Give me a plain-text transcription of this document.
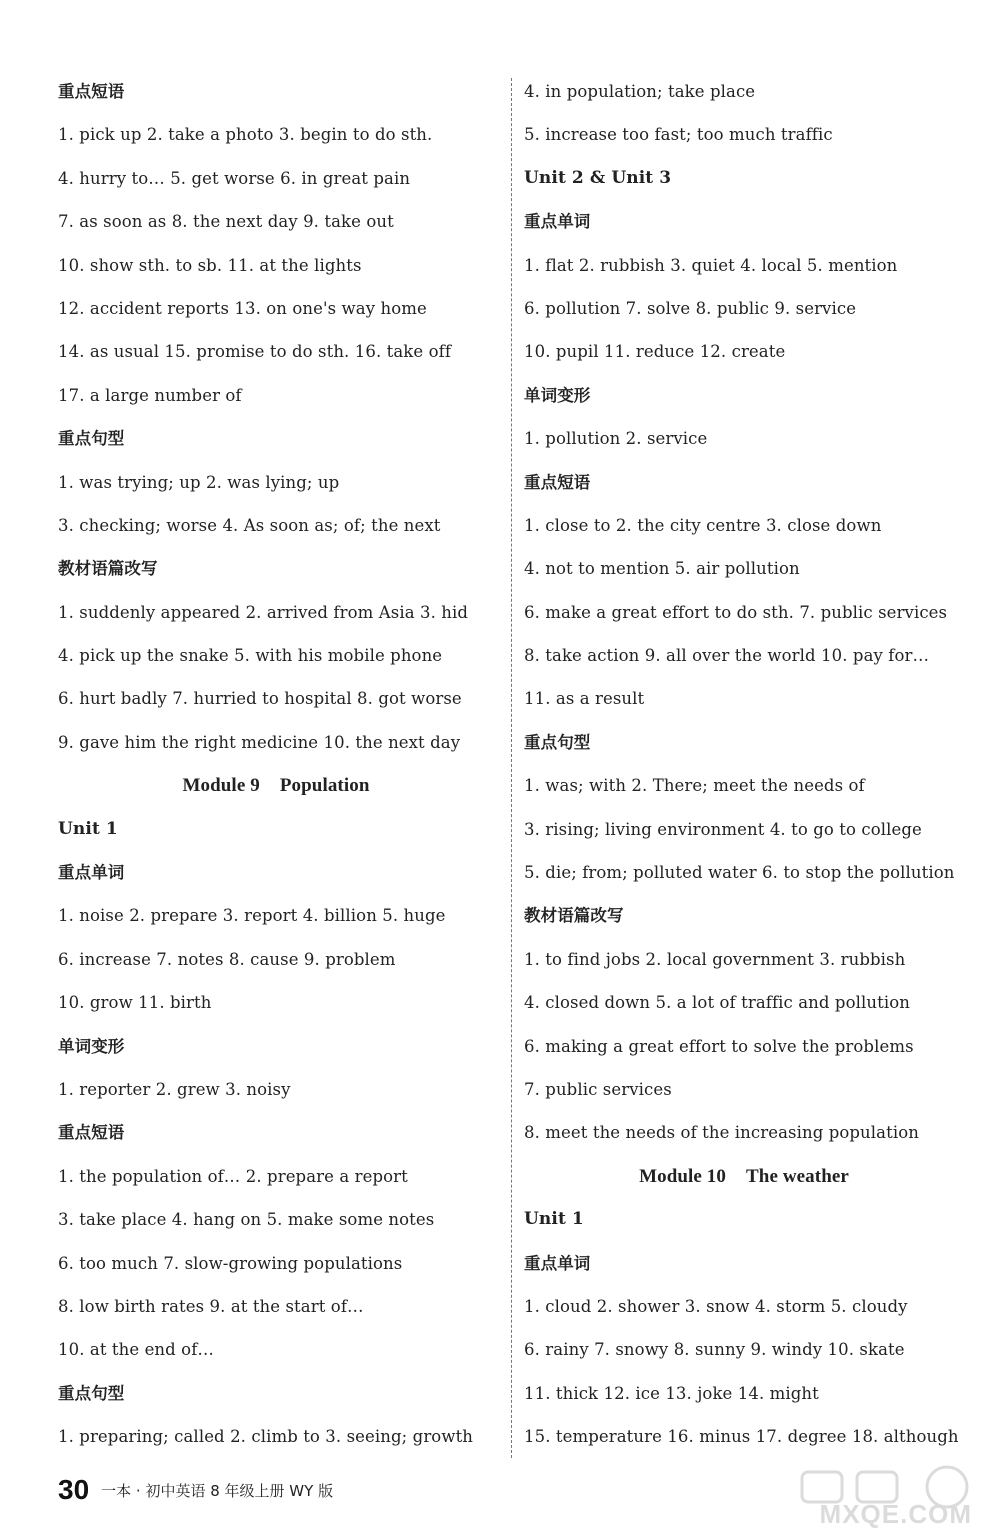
重点短语
1. pick up 2. take a photo 3. begin to do sth.
4. hurry to… 5. get worse 6. in great pain
7. as soon as 8. the next day 9. take out
10. show sth. to sb. 11. at the lights
12. accident reports 13. on one's way home
14. as usual 15. promise to do sth. 16. take off
17. a large number of
重点句型
1. was trying; up 2. was lying; up
3. checking; worse 4. As soon as; of; the next
教材语篇改写
1. suddenly appeared 2. arrived from Asia 3. hid
4. pick up the snake 5. with his mobile phone
6. hurt badly 7. hurried to hospital 8. got worse
9. gave him the right medicine 10. the next day
Module 9 Population
Unit 1
重点单词
1. noise 2. prepare 3. report 4. billion 5. huge
6. increase 7. notes 8. cause 9. problem
10. grow 11. birth
单词变形
1. reporter 2. grew 3. noisy
重点短语
1. the population of… 2. prepare a report
3. take place 4. hang on 5. make some notes
6. too much 7. slow-growing populations
8. low birth rates 9. at the start of…
10. at the end of…
重点句型
1. preparing; called 2. climb to 3. seeing; growth
4. in population; take place
5. increase too fast; too much traffic
Unit 2 & Unit 3
重点单词
1. flat 2. rubbish 3. quiet 4. local 5. mention
6. pollution 7. solve 8. public 9. service
10. pupil 11. reduce 12. create
单词变形
1. pollution 2. service
重点短语
1. close to 2. the city centre 3. close down
4. not to mention 5. air pollution
6. make a great effort to do sth. 7. public services
8. take action 9. all over the world 10. pay for…
11. as a result
重点句型
1. was; with 2. There; meet the needs of
3. rising; living environment 4. to go to college
5. die; from; polluted water 6. to stop the pollution
教材语篇改写
1. to find jobs 2. local government 3. rubbish
4. closed down 5. a lot of traffic and pollution
6. making a great effort to solve the problems
7. public services
8. meet the needs of the increasing population
Module 10 The weather
Unit 1
重点单词
1. cloud 2. shower 3. snow 4. storm 5. cloudy
6. rainy 7. snowy 8. sunny 9. windy 10. skate
11. thick 12. ice 13. joke 14. might
15. temperature 16. minus 17. degree 18. although
30 一本 · 初中英语 8 年级上册 WY 版
MXQE.COM
